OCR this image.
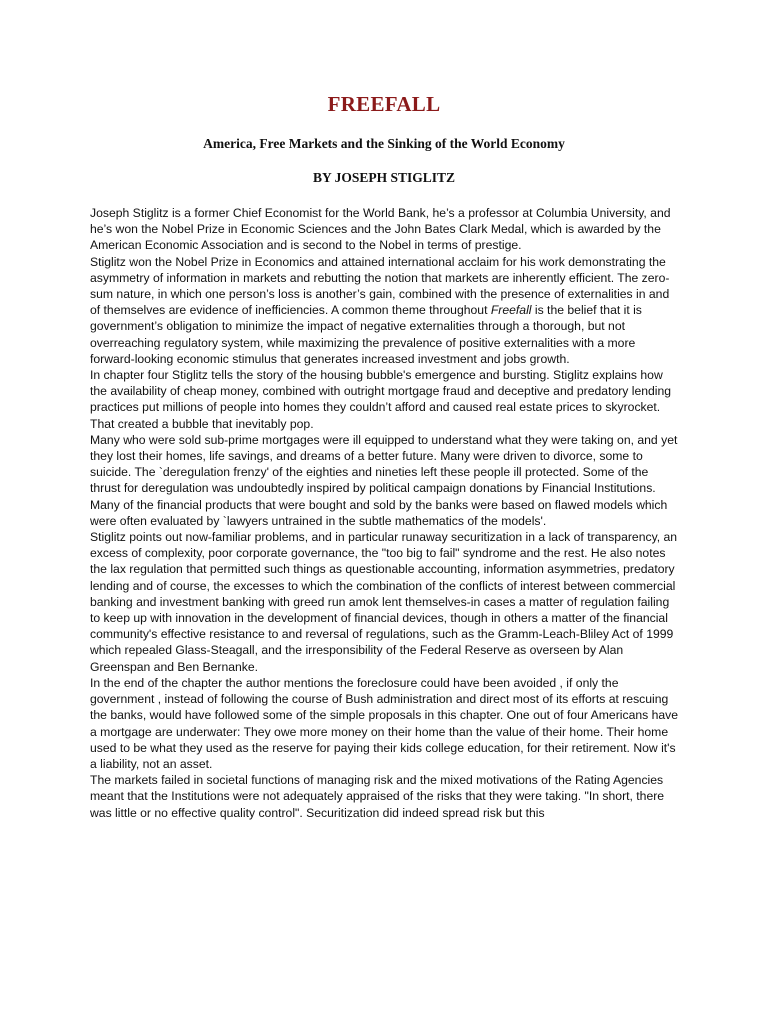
FREEFALL
America, Free Markets and the Sinking of the World Economy
BY JOSEPH STIGLITZ

Joseph Stiglitz is a former Chief Economist for the World Bank, he’s a professor at Columbia University, and he’s won the Nobel Prize in Economic Sciences and the John Bates Clark Medal, which is awarded by the American Economic Association and is second to the Nobel in terms of prestige.

Stiglitz won the Nobel Prize in Economics and attained international acclaim for his work demonstrating the asymmetry of information in markets and rebutting the notion that markets are inherently efficient. The zero-sum nature, in which one person’s loss is another’s gain, combined with the presence of externalities in and of themselves are evidence of inefficiencies. A common theme throughout Freefall is the belief that it is government’s obligation to minimize the impact of negative externalities through a thorough, but not overreaching regulatory system, while maximizing the prevalence of positive externalities with a more forward-looking economic stimulus that generates increased investment and jobs growth.

In chapter four Stiglitz tells the story of the housing bubble's emergence and bursting. Stiglitz explains how the availability of cheap money, combined with outright mortgage fraud and deceptive and predatory lending practices put millions of people into homes they couldn’t afford and caused real estate prices to skyrocket. That created a bubble that inevitably pop.

Many who were sold sub-prime mortgages were ill equipped to understand what they were taking on, and yet they lost their homes, life savings, and dreams of a better future. Many were driven to divorce, some to suicide. The `deregulation frenzy' of the eighties and nineties left these people ill protected. Some of the thrust for deregulation was undoubtedly inspired by political campaign donations by Financial Institutions.

Many of the financial products that were bought and sold by the banks were based on flawed models which were often evaluated by `lawyers untrained in the subtle mathematics of the models'.

Stiglitz points out now-familiar problems, and in particular runaway securitization in a lack of transparency, an excess of complexity, poor corporate governance, the "too big to fail" syndrome and the rest. He also notes the lax regulation that permitted such things as questionable accounting, information asymmetries, predatory lending and of course, the excesses to which the combination of the conflicts of interest between commercial banking and investment banking with greed run amok lent themselves-in cases a matter of regulation failing to keep up with innovation in the development of financial devices, though in others a matter of the financial community's effective resistance to and reversal of regulations, such as the Gramm-Leach-Bliley Act of 1999 which repealed Glass-Steagall, and the irresponsibility of the Federal Reserve as overseen by Alan Greenspan and Ben Bernanke.

In the end of the chapter the author mentions the foreclosure could have been avoided , if only the government , instead of following the course of Bush administration and direct most of its efforts at rescuing the banks, would have followed some of the simple proposals in this chapter. One out of four Americans have a mortgage are underwater: They owe more money on their home than the value of their home. Their home used to be what they used as the reserve for paying their kids college education, for their retirement. Now it's a liability, not an asset.

The markets failed in societal functions of managing risk and the mixed motivations of the Rating Agencies meant that the Institutions were not adequately appraised of the risks that they were taking. "In short, there was little or no effective quality control". Securitization did indeed spread risk but this
